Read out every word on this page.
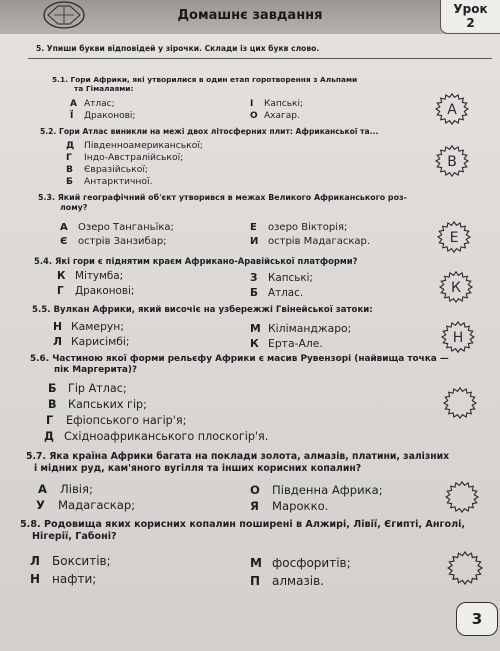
Домашнє завдання	Урок
2
5. Упиши букви відповідей у зірочки. Склади із цих букв слово.
5.1. Гори Африки, які утворилися в один етап горотворення з Альпами
та Гімалаями:
А Атлас;	І Капські;
Ї Драконові;	О Ахагар.
5.2. Гори Атлас виникли на межі двох літосферних плит: Африканської та...
Д Південноамериканської;
Г Індо-Австралійської;
В Євразійської;
Б Антарктичної.
5.3. Який географічний об'єкт утворився в межах Великого Африканського роз-
лому?
А Озеро Танганьїка;	Е озеро Вікторія;
Є острів Занзибар;	И острів Мадагаскар.
5.4. Які гори є піднятим краєм Африкано-Аравійської платформи?
К Мітумба;	З Капські;
Г Драконові;	Б Атлас.
5.5. Вулкан Африки, який височіє на узбережжі Гвінейської затоки:
Н Камерун;	М Кіліманджаро;
Л Карисімбі;	К Ерта-Але.
5.6. Частиною якої форми рельєфу Африки є масив Рувензорі (найвища точка —
пік Маргерита)?
Б Гір Атлас;
В Капських гір;
Г Ефіопського нагір'я;
Д Східноафриканського плоскогір'я.
5.7. Яка країна Африки багата на поклади золота, алмазів, платини, залізних
і мідних руд, кам'яного вугілля та інших корисних копалин?
А Лівія;	О Південна Африка;
У Мадагаскар;	Я Марокко.
5.8. Родовища яких корисних копалин поширені в Алжирі, Лівії, Єгипті, Анголі,
Нігерії, Габоні?
Л Бокситів;	М фосфоритів;
Н нафти;	П алмазів.
А
В
Е
К
Н
3
